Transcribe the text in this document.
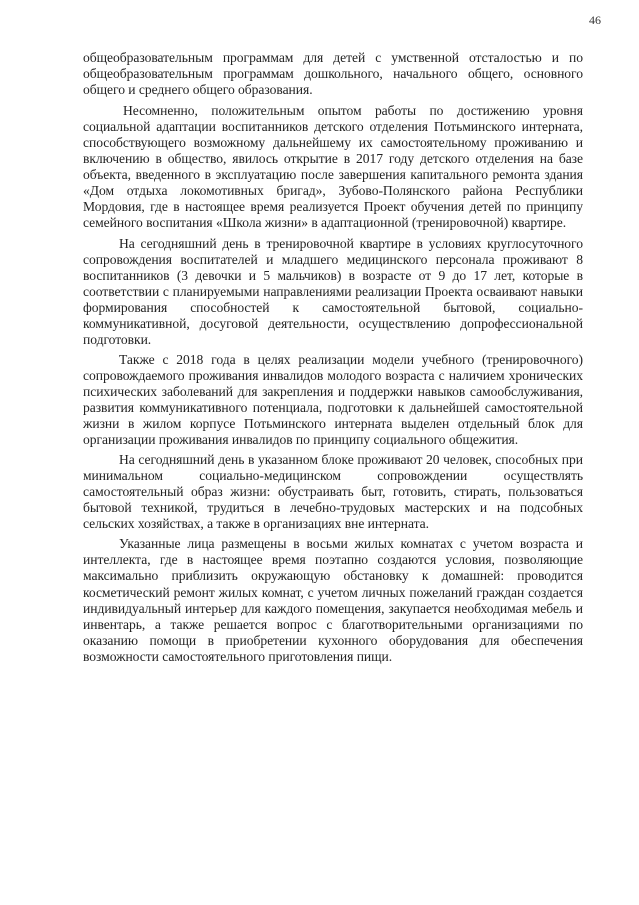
46

общеобразовательным программам для детей с умственной отсталостью и по общеобразовательным программам дошкольного, начального общего, основного общего и среднего общего образования.

Несомненно, положительным опытом работы по достижению уровня социальной адаптации воспитанников детского отделения Потьминского интерната, способствующего возможному дальнейшему их самостоятельному проживанию и включению в общество, явилось открытие в 2017 году детского отделения на базе объекта, введенного в эксплуатацию после завершения капитального ремонта здания «Дом отдыха локомотивных бригад», Зубово-Полянского района Республики Мордовия, где в настоящее время реализуется Проект обучения детей по принципу семейного воспитания «Школа жизни» в адаптационной (тренировочной) квартире.

На сегодняшний день в тренировочной квартире в условиях круглосуточного сопровождения воспитателей и младшего медицинского персонала проживают 8 воспитанников (3 девочки и 5 мальчиков) в возрасте от 9 до 17 лет, которые в соответствии с планируемыми направлениями реализации Проекта осваивают навыки формирования способностей к самостоятельной бытовой, социально-коммуникативной, досуговой деятельности, осуществлению допрофессиональной подготовки.

Также с 2018 года в целях реализации модели учебного (тренировочного) сопровождаемого проживания инвалидов молодого возраста с наличием хронических психических заболеваний для закрепления и поддержки навыков самообслуживания, развития коммуникативного потенциала, подготовки к дальнейшей самостоятельной жизни в жилом корпусе Потьминского интерната выделен отдельный блок для организации проживания инвалидов по принципу социального общежития.

На сегодняшний день в указанном блоке проживают 20 человек, способных при минимальном социально-медицинском сопровождении осуществлять самостоятельный образ жизни: обустраивать быт, готовить, стирать, пользоваться бытовой техникой, трудиться в лечебно-трудовых мастерских и на подсобных сельских хозяйствах, а также в организациях вне интерната.

Указанные лица размещены в восьми жилых комнатах с учетом возраста и интеллекта, где в настоящее время поэтапно создаются условия, позволяющие максимально приблизить окружающую обстановку к домашней: проводится косметический ремонт жилых комнат, с учетом личных пожеланий граждан создается индивидуальный интерьер для каждого помещения, закупается необходимая мебель и инвентарь, а также решается вопрос с благотворительными организациями по оказанию помощи в приобретении кухонного оборудования для обеспечения возможности самостоятельного приготовления пищи.
